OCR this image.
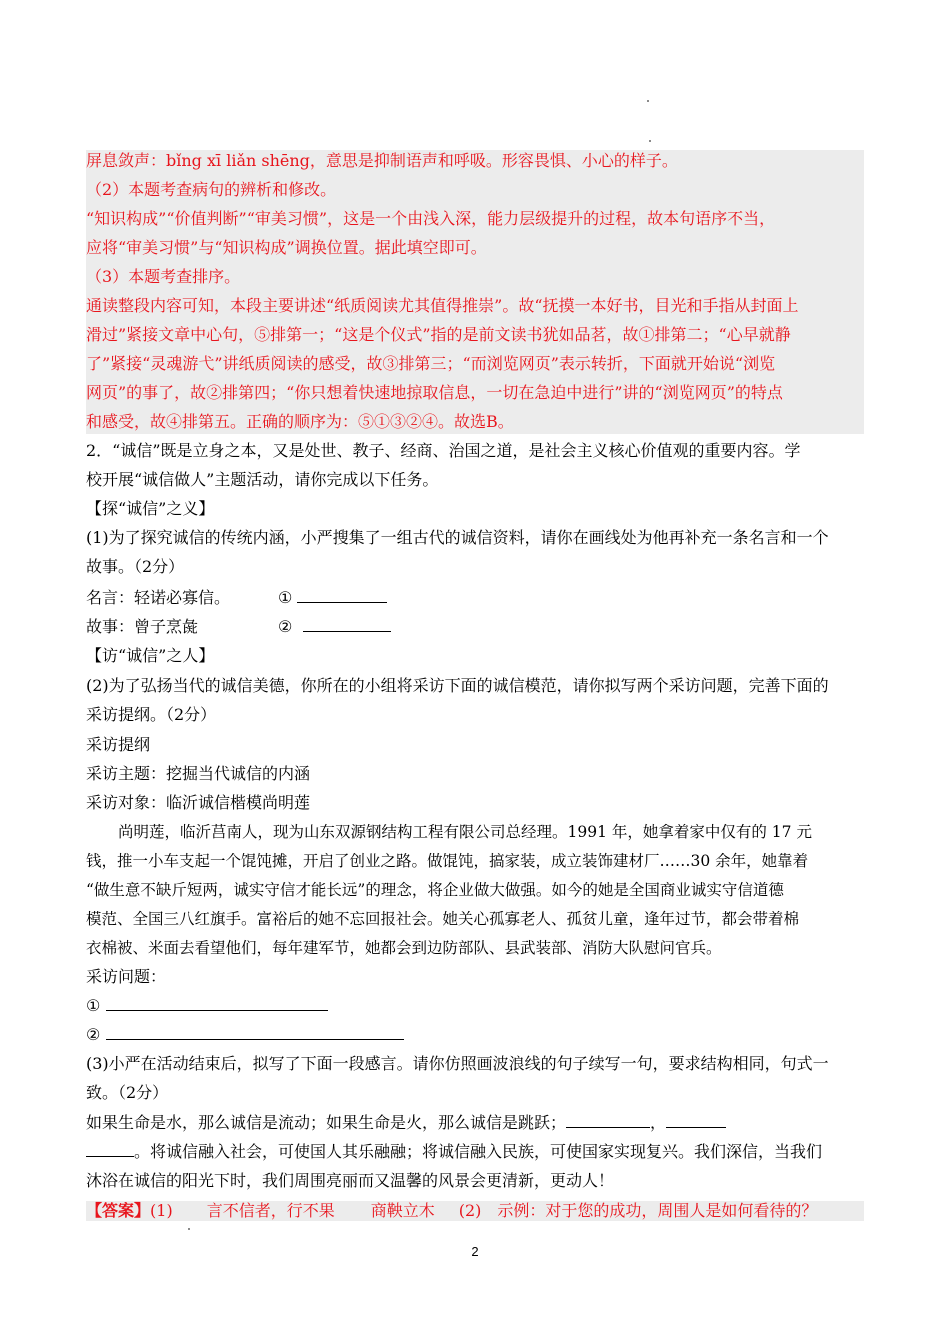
屏息敛声：bǐng xī liǎn shēng，意思是抑制语声和呼吸。形容畏惧、小心的样子。
（2）本题考查病句的辨析和修改。
“知识构成”“价值判断”“审美习惯”，这是一个由浅入深，能力层级提升的过程，故本句语序不当，
应将“审美习惯”与“知识构成”调换位置。据此填空即可。
（3）本题考查排序。
通读整段内容可知，本段主要讲述“纸质阅读尤其值得推崇”。故“抚摸一本好书，目光和手指从封面上
滑过”紧接文章中心句，⑤排第一；“这是个仪式”指的是前文读书犹如品茗，故①排第二；“心早就静
了”紧接“灵魂游弋”讲纸质阅读的感受，故③排第三；“而浏览网页”表示转折，下面就开始说“浏览
网页”的事了，故②排第四；“你只想着快速地掠取信息，一切在急迫中进行”讲的“浏览网页”的特点
和感受，故④排第五。正确的顺序为：⑤①③②④。故选B。
2．“诚信”既是立身之本，又是处世、教子、经商、治国之道，是社会主义核心价值观的重要内容。学
校开展“诚信做人”主题活动，请你完成以下任务。
【探“诚信”之义】
(1)为了探究诚信的传统内涵，小严搜集了一组古代的诚信资料，请你在画线处为他再补充一条名言和一个
故事。（2分）
名言：轻诺必寡信。	①
故事：曾子烹彘	②
【访“诚信”之人】
(2)为了弘扬当代的诚信美德，你所在的小组将采访下面的诚信模范，请你拟写两个采访问题，完善下面的
采访提纲。（2分）
采访提纲
采访主题：挖掘当代诚信的内涵
采访对象：临沂诚信楷模尚明莲
尚明莲，临沂莒南人，现为山东双源钢结构工程有限公司总经理。1991 年，她拿着家中仅有的 17 元
钱，推一小车支起一个馄饨摊，开启了创业之路。做馄饨，搞家装，成立装饰建材厂……30 余年，她靠着
“做生意不缺斤短两，诚实守信才能长远”的理念，将企业做大做强。如今的她是全国商业诚实守信道德
模范、全国三八红旗手。富裕后的她不忘回报社会。她关心孤寡老人、孤贫儿童，逢年过节，都会带着棉
衣棉被、米面去看望他们，每年建军节，她都会到边防部队、县武装部、消防大队慰问官兵。
采访问题：
①
②
(3)小严在活动结束后，拟写了下面一段感言。请你仿照画波浪线的句子续写一句，要求结构相同，句式一
致。（2分）
如果生命是水，那么诚信是流动；如果生命是火，那么诚信是跳跃；	，
。将诚信融入社会，可使国人其乐融融；将诚信融入民族，可使国家实现复兴。我们深信，当我们
沐浴在诚信的阳光下时，我们周围亮丽而又温馨的风景会更清新，更动人！
【答案】(1) 言不信者，行不果 商鞅立木 (2) 示例：对于您的成功，周围人是如何看待的？
2
